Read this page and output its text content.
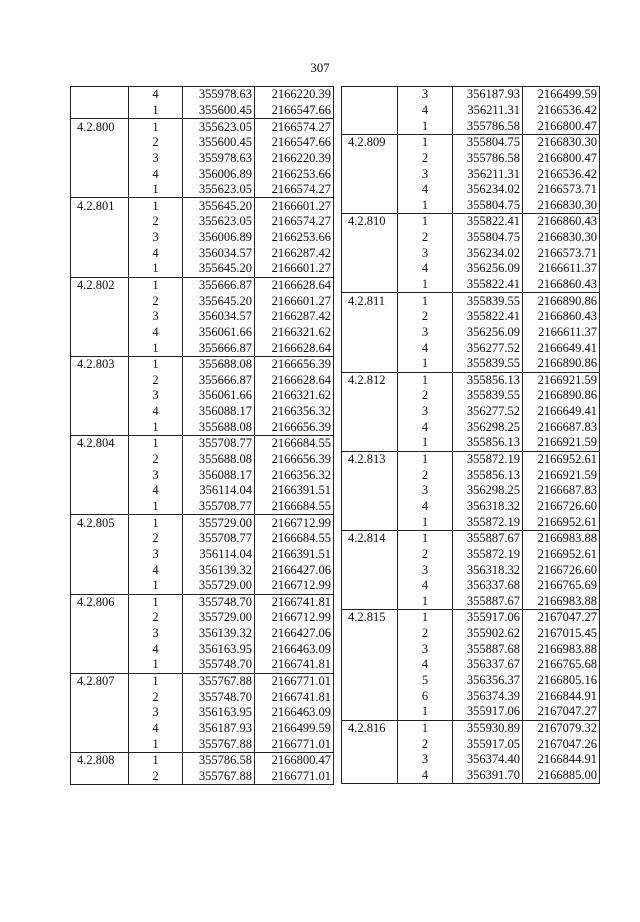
307
	4	355978.63	2166220.39
	1	355600.45	2166547.66
4.2.800	1	355623.05	2166574.27
	2	355600.45	2166547.66
	3	355978.63	2166220.39
	4	356006.89	2166253.66
	1	355623.05	2166574.27
4.2.801	1	355645.20	2166601.27
	2	355623.05	2166574.27
	3	356006.89	2166253.66
	4	356034.57	2166287.42
	1	355645.20	2166601.27
4.2.802	1	355666.87	2166628.64
	2	355645.20	2166601.27
	3	356034.57	2166287.42
	4	356061.66	2166321.62
	1	355666.87	2166628.64
4.2.803	1	355688.08	2166656.39
	2	355666.87	2166628.64
	3	356061.66	2166321.62
	4	356088.17	2166356.32
	1	355688.08	2166656.39
4.2.804	1	355708.77	2166684.55
	2	355688.08	2166656.39
	3	356088.17	2166356.32
	4	356114.04	2166391.51
	1	355708.77	2166684.55
4.2.805	1	355729.00	2166712.99
	2	355708.77	2166684.55
	3	356114.04	2166391.51
	4	356139.32	2166427.06
	1	355729.00	2166712.99
4.2.806	1	355748.70	2166741.81
	2	355729.00	2166712.99
	3	356139.32	2166427.06
	4	356163.95	2166463.09
	1	355748.70	2166741.81
4.2.807	1	355767.88	2166771.01
	2	355748.70	2166741.81
	3	356163.95	2166463.09
	4	356187.93	2166499.59
	1	355767.88	2166771.01
4.2.808	1	355786.58	2166800.47
	2	355767.88	2166771.01
	3	356187.93	2166499.59
	4	356211.31	2166536.42
	1	355786.58	2166800.47
4.2.809	1	355804.75	2166830.30
	2	355786.58	2166800.47
	3	356211.31	2166536.42
	4	356234.02	2166573.71
	1	355804.75	2166830.30
4.2.810	1	355822.41	2166860.43
	2	355804.75	2166830.30
	3	356234.02	2166573.71
	4	356256.09	2166611.37
	1	355822.41	2166860.43
4.2.811	1	355839.55	2166890.86
	2	355822.41	2166860.43
	3	356256.09	2166611.37
	4	356277.52	2166649.41
	1	355839.55	2166890.86
4.2.812	1	355856.13	2166921.59
	2	355839.55	2166890.86
	3	356277.52	2166649.41
	4	356298.25	2166687.83
	1	355856.13	2166921.59
4.2.813	1	355872.19	2166952.61
	2	355856.13	2166921.59
	3	356298.25	2166687.83
	4	356318.32	2166726.60
	1	355872.19	2166952.61
4.2.814	1	355887.67	2166983.88
	2	355872.19	2166952.61
	3	356318.32	2166726.60
	4	356337.68	2166765.69
	1	355887.67	2166983.88
4.2.815	1	355917.06	2167047.27
	2	355902.62	2167015.45
	3	355887.68	2166983.88
	4	356337.67	2166765.68
	5	356356.37	2166805.16
	6	356374.39	2166844.91
	1	355917.06	2167047.27
4.2.816	1	355930.89	2167079.32
	2	355917.05	2167047.26
	3	356374.40	2166844.91
	4	356391.70	2166885.00
